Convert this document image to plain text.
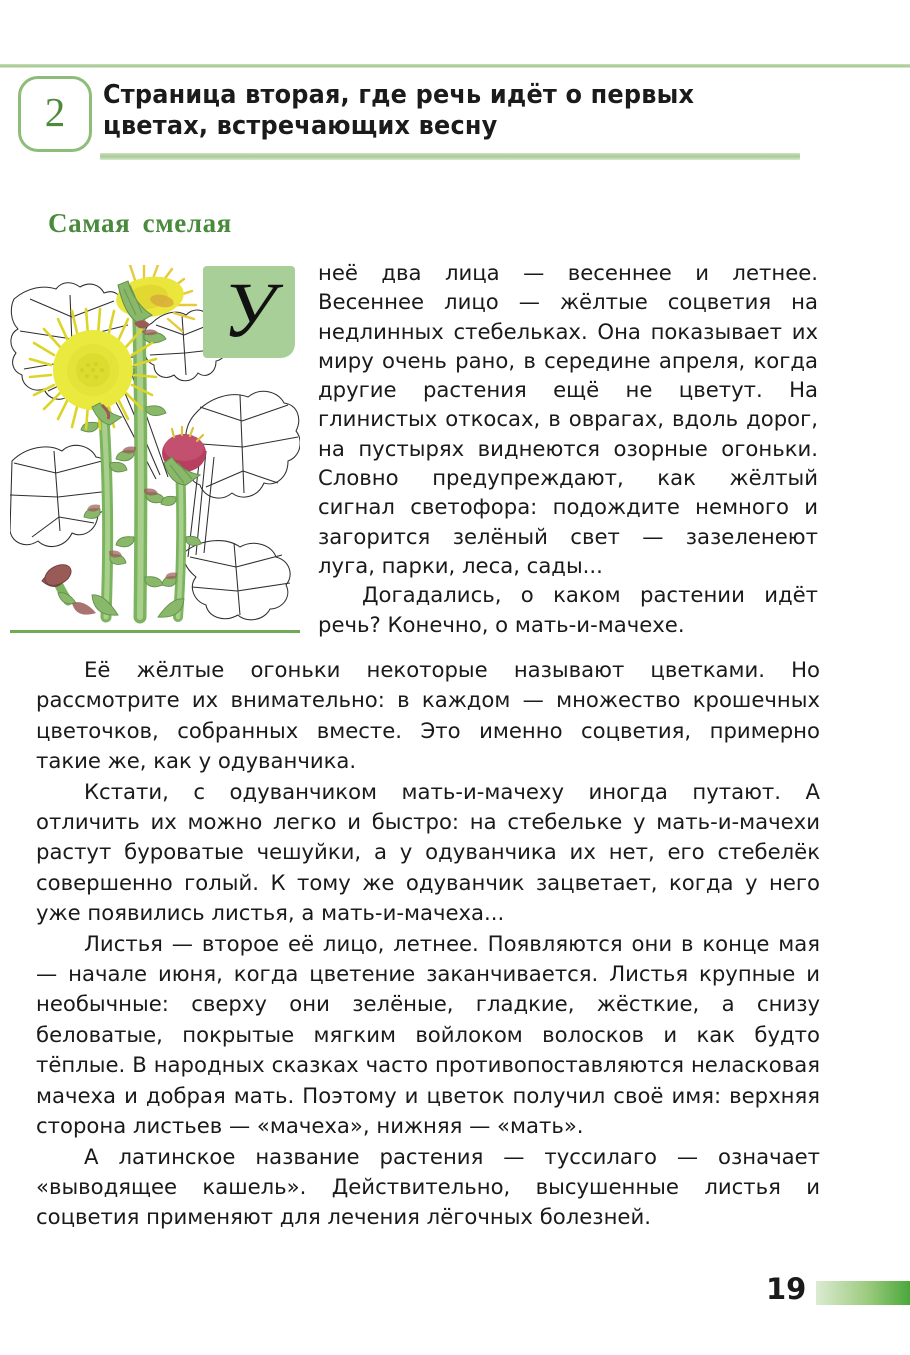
2 Страница вторая, где речь идёт о первых цветах, встречающих весну
Самая смелая
У	неё два лица — весеннее и летнее. Весеннее лицо — жёлтые соцветия на недлинных стебельках. Она показывает их миру очень рано, в середине апреля, когда другие растения ещё не цветут. На глинистых откосах, в оврагах, вдоль дорог, на пустырях виднеются озорные огоньки. Словно предупреждают, как жёлтый сигнал светофора: подождите немного и загорится зелёный свет — зазеленеют луга, парки, леса, сады...

Догадались, о каком растении идёт речь? Конечно, о мать-и-мачехе.

Её жёлтые огоньки некоторые называют цветками. Но рассмотрите их внимательно: в каждом — множество крошечных цветочков, собранных вместе. Это именно соцветия, примерно такие же, как у одуванчика.

Кстати, с одуванчиком мать-и-мачеху иногда путают. А отличить их можно легко и быстро: на стебельке у мать-и-мачехи растут буроватые чешуйки, а у одуванчика их нет, его стебелёк совершенно голый. К тому же одуванчик зацветает, когда у него уже появились листья, а мать-и-мачеха...

Листья — второе её лицо, летнее. Появляются они в конце мая — начале июня, когда цветение заканчивается. Листья крупные и необычные: сверху они зелёные, гладкие, жёсткие, а снизу беловатые, покрытые мягким войлоком волосков и как будто тёплые. В народных сказках часто противопоставляются неласковая мачеха и добрая мать. Поэтому и цветок получил своё имя: верхняя сторона листьев — «мачеха», нижняя — «мать».

А латинское название растения — туссилаго — означает «выводящее кашель». Действительно, высушенные листья и соцветия применяют для лечения лёгочных болезней.

19
